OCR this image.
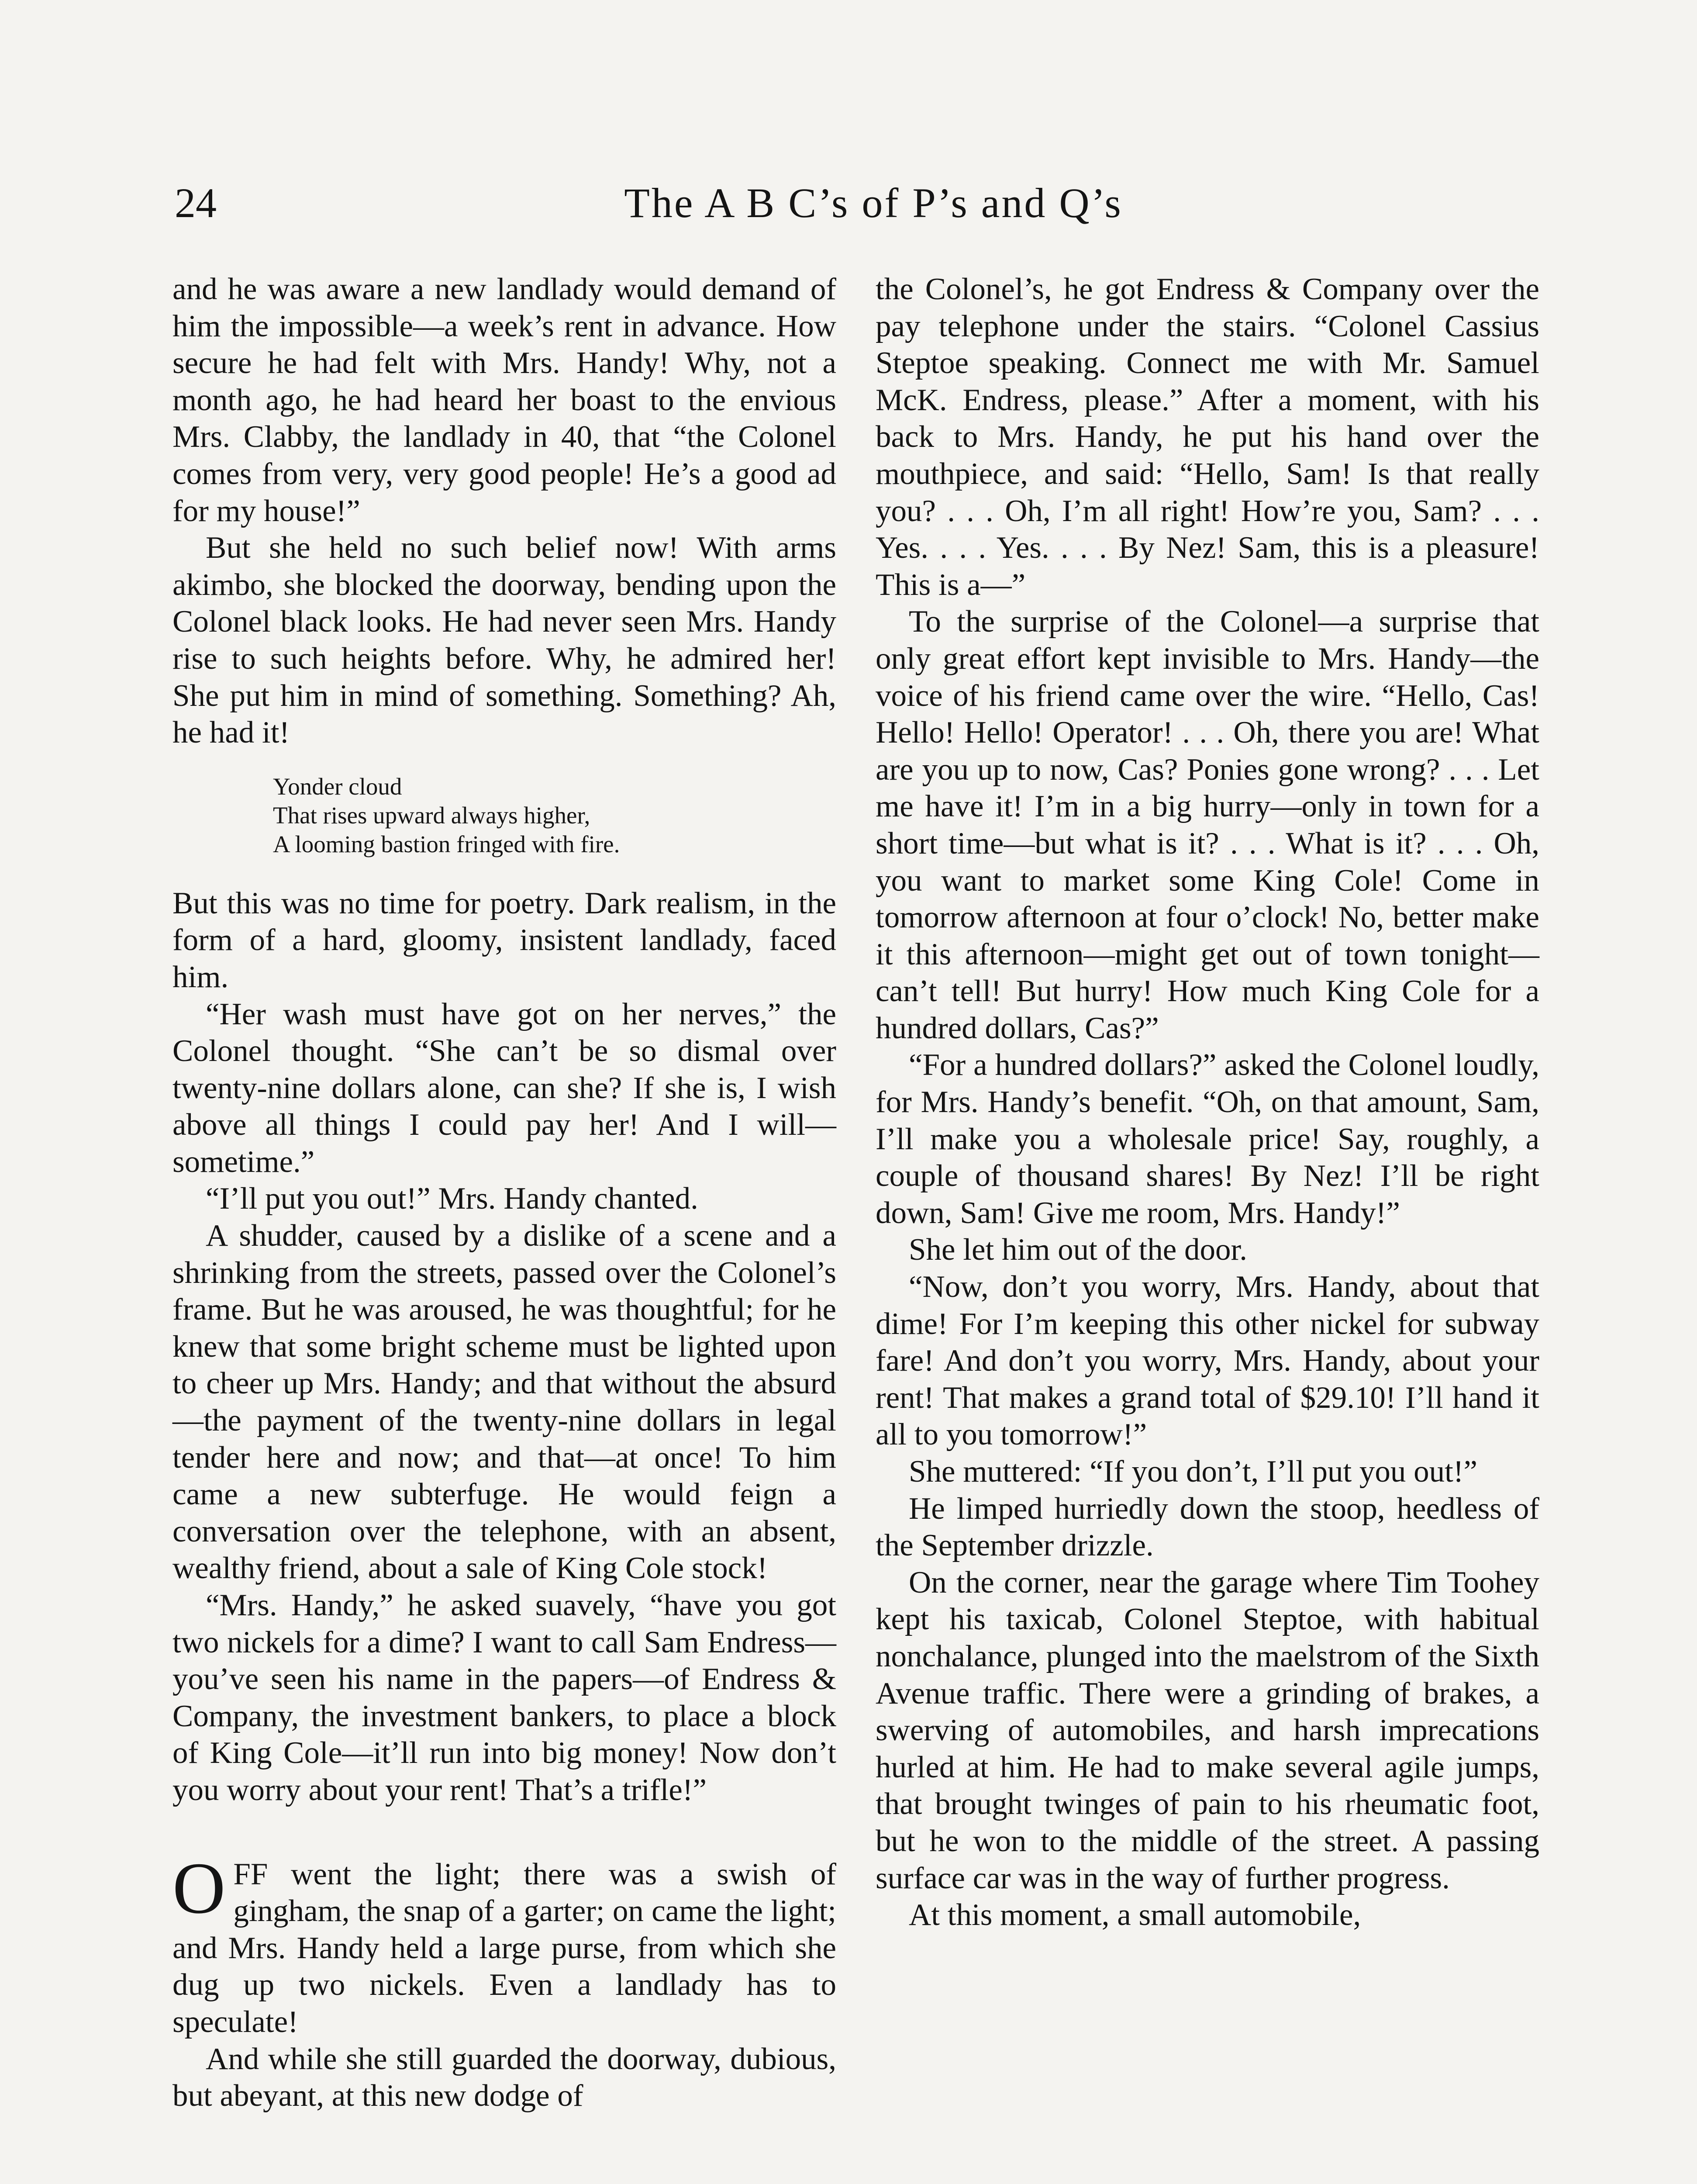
24	The A B C’s of P’s and Q’s

and he was aware a new landlady would demand of him the impossible—a week’s rent in advance. How secure he had felt with Mrs. Handy! Why, not a month ago, he had heard her boast to the envious Mrs. Clabby, the landlady in 40, that “the Colonel comes from very, very good people! He’s a good ad for my house!”

But she held no such belief now! With arms akimbo, she blocked the doorway, bending upon the Colonel black looks. He had never seen Mrs. Handy rise to such heights before. Why, he admired her! She put him in mind of something. Something? Ah, he had it!

Yonder cloud
That rises upward always higher,
A looming bastion fringed with fire.

But this was no time for poetry. Dark realism, in the form of a hard, gloomy, insistent landlady, faced him.

“Her wash must have got on her nerves,” the Colonel thought. “She can’t be so dismal over twenty-nine dollars alone, can she? If she is, I wish above all things I could pay her! And I will—sometime.”

“I’ll put you out!” Mrs. Handy chanted.

A shudder, caused by a dislike of a scene and a shrinking from the streets, passed over the Colonel’s frame. But he was aroused, he was thoughtful; for he knew that some bright scheme must be lighted upon to cheer up Mrs. Handy; and that without the absurd—the payment of the twenty-nine dollars in legal tender here and now; and that—at once! To him came a new subterfuge. He would feign a conversation over the telephone, with an absent, wealthy friend, about a sale of King Cole stock!

“Mrs. Handy,” he asked suavely, “have you got two nickels for a dime? I want to call Sam Endress—you’ve seen his name in the papers—of Endress & Company, the investment bankers, to place a block of King Cole—it’ll run into big money! Now don’t you worry about your rent! That’s a trifle!”

OFF went the light; there was a swish of gingham, the snap of a garter; on came the light; and Mrs. Handy held a large purse, from which she dug up two nickels. Even a landlady has to speculate!

And while she still guarded the doorway, dubious, but abeyant, at this new dodge of

the Colonel’s, he got Endress & Company over the pay telephone under the stairs. “Colonel Cassius Steptoe speaking. Connect me with Mr. Samuel McK. Endress, please.” After a moment, with his back to Mrs. Handy, he put his hand over the mouthpiece, and said: “Hello, Sam! Is that really you? . . . Oh, I’m all right! How’re you, Sam? . . . Yes. . . . Yes. . . . By Nez! Sam, this is a pleasure! This is a—”

To the surprise of the Colonel—a surprise that only great effort kept invisible to Mrs. Handy—the voice of his friend came over the wire. “Hello, Cas! Hello! Hello! Operator! . . . Oh, there you are! What are you up to now, Cas? Ponies gone wrong? . . . Let me have it! I’m in a big hurry—only in town for a short time—but what is it? . . . What is it? . . . Oh, you want to market some King Cole! Come in tomorrow afternoon at four o’clock! No, better make it this afternoon—might get out of town tonight—can’t tell! But hurry! How much King Cole for a hundred dollars, Cas?”

“For a hundred dollars?” asked the Colonel loudly, for Mrs. Handy’s benefit. “Oh, on that amount, Sam, I’ll make you a wholesale price! Say, roughly, a couple of thousand shares! By Nez! I’ll be right down, Sam! Give me room, Mrs. Handy!”

She let him out of the door.

“Now, don’t you worry, Mrs. Handy, about that dime! For I’m keeping this other nickel for subway fare! And don’t you worry, Mrs. Handy, about your rent! That makes a grand total of $29.10! I’ll hand it all to you tomorrow!”

She muttered: “If you don’t, I’ll put you out!”

He limped hurriedly down the stoop, heedless of the September drizzle.

On the corner, near the garage where Tim Toohey kept his taxicab, Colonel Steptoe, with habitual nonchalance, plunged into the maelstrom of the Sixth Avenue traffic. There were a grinding of brakes, a swerving of automobiles, and harsh imprecations hurled at him. He had to make several agile jumps, that brought twinges of pain to his rheumatic foot, but he won to the middle of the street. A passing surface car was in the way of further progress.

At this moment, a small automobile,
